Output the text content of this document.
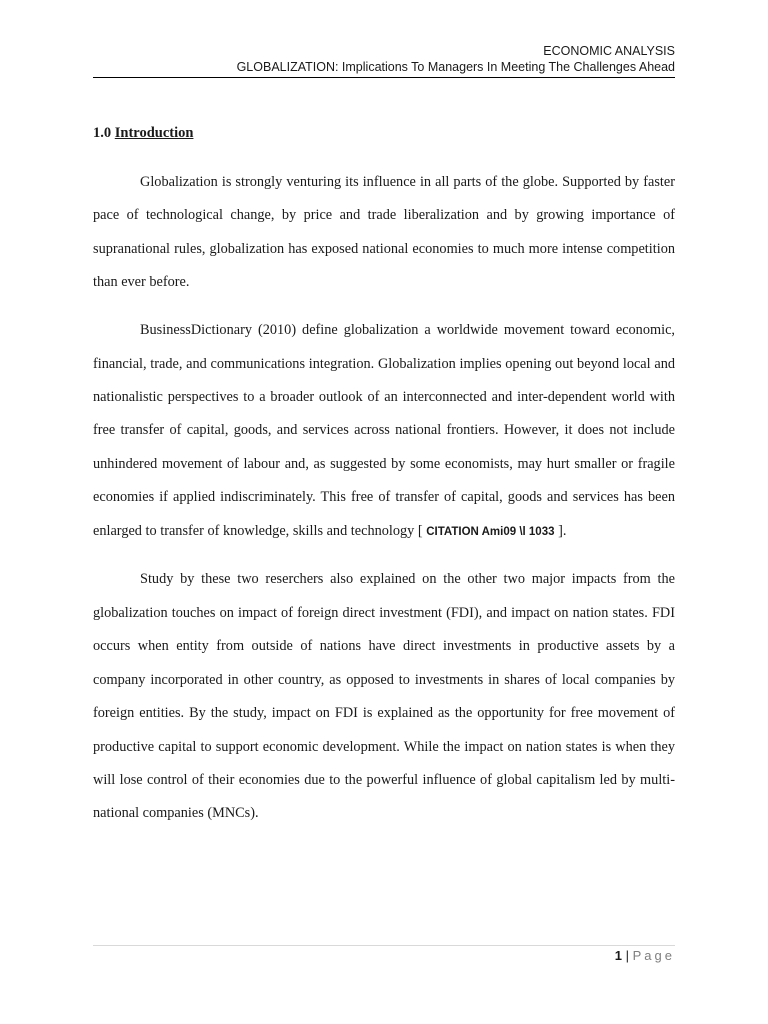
ECONOMIC ANALYSIS
GLOBALIZATION: Implications To Managers In Meeting The Challenges Ahead
1.0 Introduction

Globalization is strongly venturing its influence in all parts of the globe. Supported by faster pace of technological change, by price and trade liberalization and by growing importance of supranational rules, globalization has exposed national economies to much more intense competition than ever before.

BusinessDictionary (2010) define globalization a worldwide movement toward economic, financial, trade, and communications integration. Globalization implies opening out beyond local and nationalistic perspectives to a broader outlook of an interconnected and inter-dependent world with free transfer of capital, goods, and services across national frontiers. However, it does not include unhindered movement of labour and, as suggested by some economists, may hurt smaller or fragile economies if applied indiscriminately. This free of transfer of capital, goods and services has been enlarged to transfer of knowledge, skills and technology [ CITATION Ami09 \l 1033 ].

Study by these two reserchers also explained on the other two major impacts from the globalization touches on impact of foreign direct investment (FDI), and impact on nation states. FDI occurs when entity from outside of nations have direct investments in productive assets by a company incorporated in other country, as opposed to investments in shares of local companies by foreign entities. By the study, impact on FDI is explained as the opportunity for free movement of productive capital to support economic development. While the impact on nation states is when they will lose control of their economies due to the powerful influence of global capitalism led by multi-national companies (MNCs).

1 | Page
